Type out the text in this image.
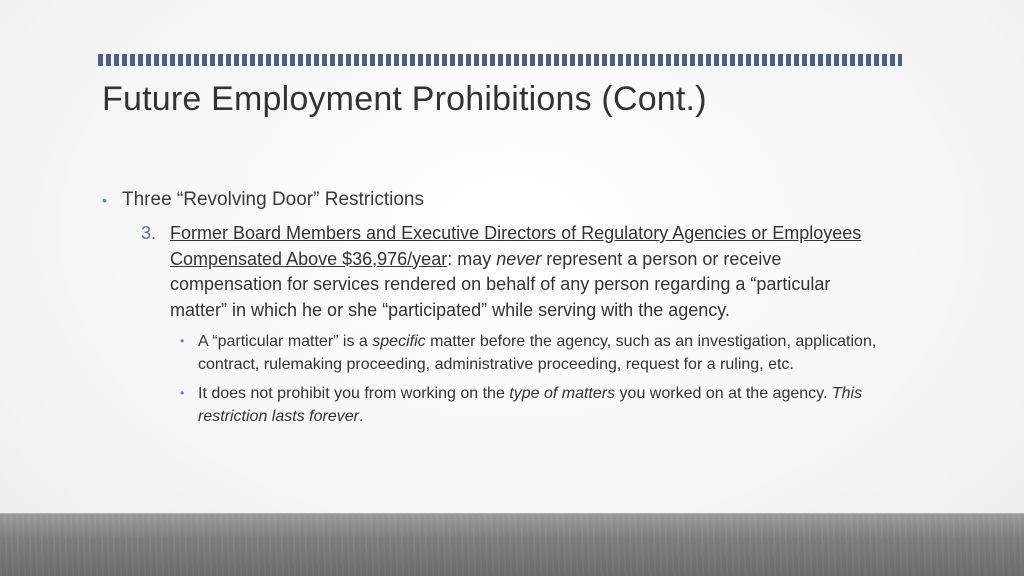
Future Employment Prohibitions (Cont.)
• Three “Revolving Door” Restrictions
3. Former Board Members and Executive Directors of Regulatory Agencies or Employees Compensated Above $36,976/year: may never represent a person or receive compensation for services rendered on behalf of any person regarding a “particular matter” in which he or she “participated” while serving with the agency.
• A “particular matter” is a specific matter before the agency, such as an investigation, application, contract, rulemaking proceeding, administrative proceeding, request for a ruling, etc.
• It does not prohibit you from working on the type of matters you worked on at the agency. This restriction lasts forever.
